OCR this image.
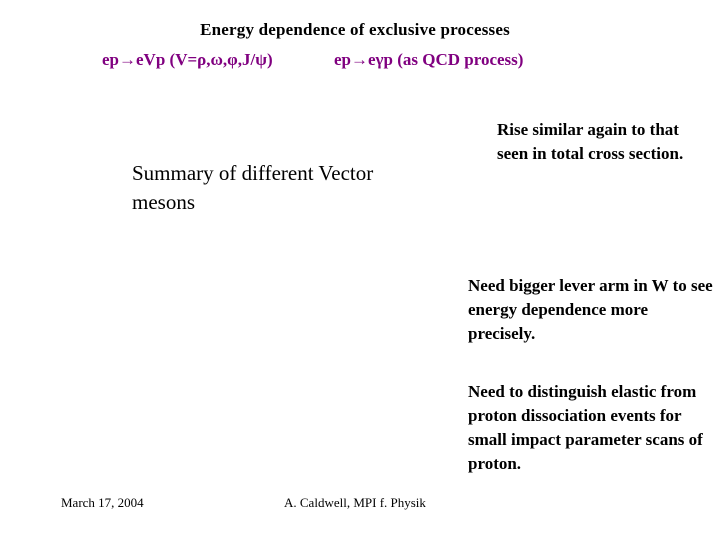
Energy dependence of exclusive processes
ep→eVp (V=ρ,ω,φ,J/ψ)	ep→eγp (as QCD process)
Summary of different Vector mesons
Rise similar again to that seen in total cross section.
Need bigger lever arm in W to see energy dependence more precisely.
Need to distinguish elastic from proton dissociation events for small impact parameter scans of proton.
March 17, 2004	A. Caldwell, MPI f. Physik
